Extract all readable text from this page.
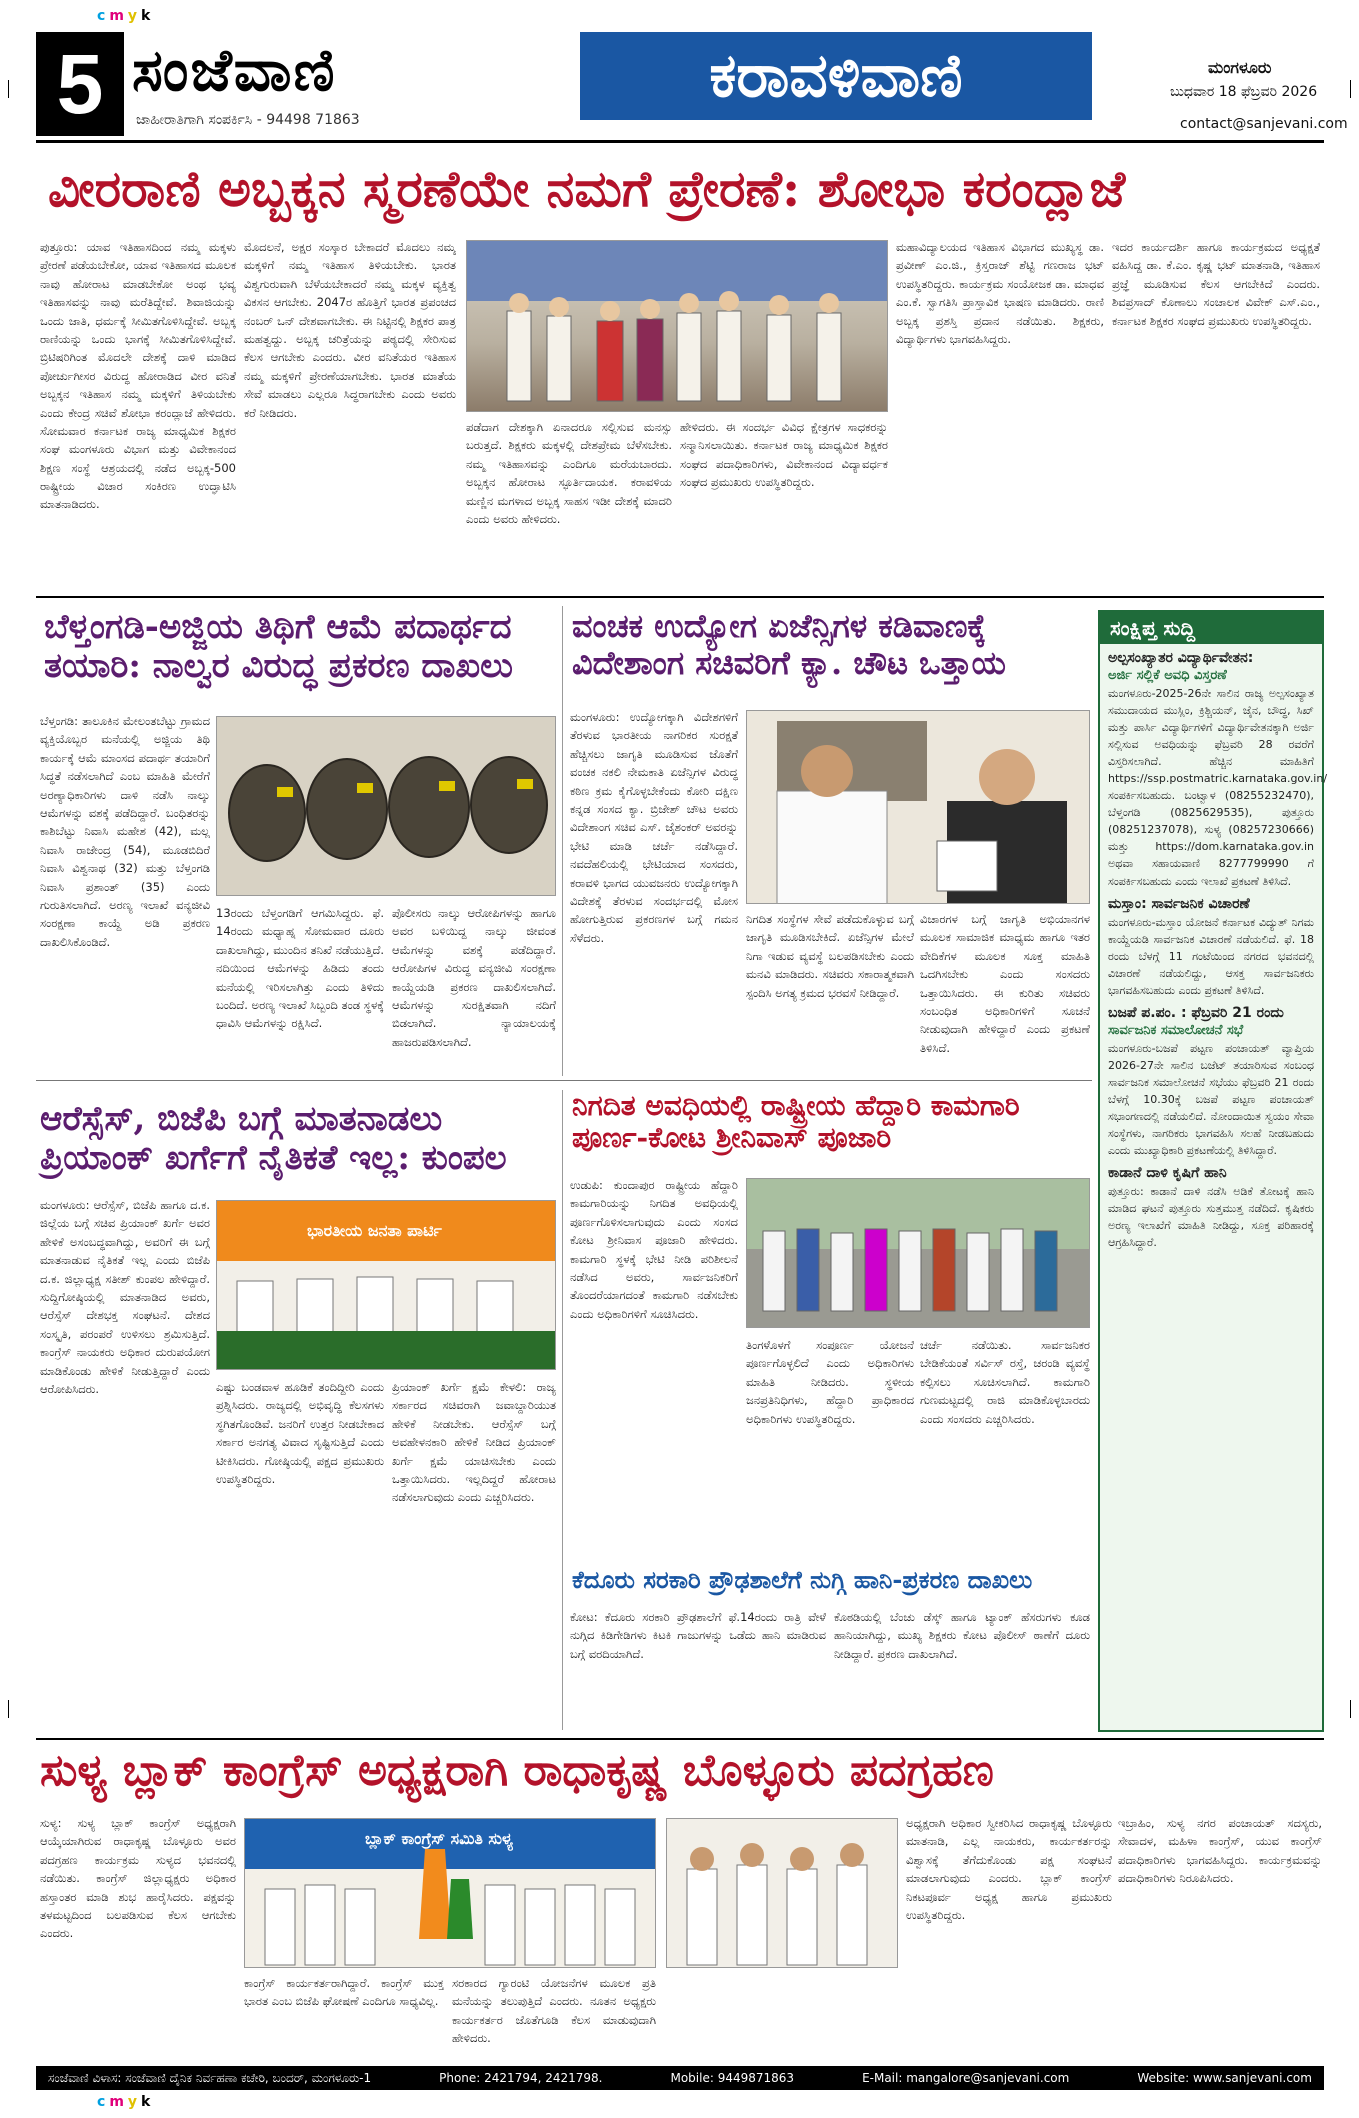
c m y k
c m y k
5 ಸಂಜೆವಾಣಿ
ಜಾಹೀರಾತಿಗಾಗಿ ಸಂಪರ್ಕಿಸಿ - 94498 71863
ಕರಾವಳಿವಾಣಿ	ಮಂಗಳೂರು
ಬುಧವಾರ 18 ಫೆಬ್ರವರಿ 2026
contact@sanjevani.com
ವೀರರಾಣಿ ಅಬ್ಬಕ್ಕನ ಸ್ಮರಣೆಯೇ ನಮಗೆ ಪ್ರೇರಣೆ: ಶೋಭಾ ಕರಂದ್ಲಾಜೆ
ಪುತ್ತೂರು: ಯಾವ ಇತಿಹಾಸದಿಂದ ನಮ್ಮ ಮಕ್ಕಳು ಪ್ರೇರಣೆ ಪಡೆಯಬೇಕೋ, ಯಾವ ಇತಿಹಾಸದ ಮೂಲಕ ನಾವು ಹೋರಾಟ ಮಾಡಬೇಕೋ ಅಂಥ ಭವ್ಯ ಇತಿಹಾಸವನ್ನು ನಾವು ಮರೆತಿದ್ದೇವೆ. ಶಿವಾಜಿಯನ್ನು ಒಂದು ಜಾತಿ, ಧರ್ಮಕ್ಕೆ ಸೀಮಿತಗೊಳಿಸಿದ್ದೇವೆ. ಅಬ್ಬಕ್ಕ ರಾಣಿಯನ್ನು ಒಂದು ಭಾಗಕ್ಕೆ ಸೀಮಿತಗೊಳಿಸಿದ್ದೇವೆ. ಬ್ರಿಟಿಷರಿಗಿಂತ ಮೊದಲೇ ದೇಶಕ್ಕೆ ದಾಳಿ ಮಾಡಿದ ಪೋರ್ಚುಗೀಸರ ವಿರುದ್ಧ ಹೋರಾಡಿದ ವೀರ ವನಿತೆ ಅಬ್ಬಕ್ಕನ ಇತಿಹಾಸ ನಮ್ಮ ಮಕ್ಕಳಿಗೆ ತಿಳಿಯಬೇಕು ಎಂದು ಕೇಂದ್ರ ಸಚಿವೆ ಶೋಭಾ ಕರಂದ್ಲಾಜೆ ಹೇಳಿದರು. ಸೋಮವಾರ ಕರ್ನಾಟಕ ರಾಜ್ಯ ಮಾಧ್ಯಮಿಕ ಶಿಕ್ಷಕರ ಸಂಘ ಮಂಗಳೂರು ವಿಭಾಗ ಮತ್ತು ವಿವೇಕಾನಂದ ಶಿಕ್ಷಣ ಸಂಸ್ಥೆ ಆಶ್ರಯದಲ್ಲಿ ನಡೆದ ಅಬ್ಬಕ್ಕ-500 ರಾಷ್ಟ್ರೀಯ ವಿಚಾರ ಸಂಕಿರಣ ಉದ್ಘಾಟಿಸಿ ಮಾತನಾಡಿದರು.
ಮೊದಲನೆ, ಅಕ್ಷರ ಸಂಸ್ಕಾರ ಬೇಕಾದರೆ ಮೊದಲು ನಮ್ಮ ಮಕ್ಕಳಿಗೆ ನಮ್ಮ ಇತಿಹಾಸ ತಿಳಿಯಬೇಕು. ಭಾರತ ವಿಶ್ವಗುರುವಾಗಿ ಬೆಳೆಯಬೇಕಾದರೆ ನಮ್ಮ ಮಕ್ಕಳ ವ್ಯಕ್ತಿತ್ವ ವಿಕಸನ ಆಗಬೇಕು. 2047ರ ಹೊತ್ತಿಗೆ ಭಾರತ ಪ್ರಪಂಚದ ನಂಬರ್ ಒನ್ ದೇಶವಾಗಬೇಕು. ಈ ನಿಟ್ಟಿನಲ್ಲಿ ಶಿಕ್ಷಕರ ಪಾತ್ರ ಮಹತ್ವದ್ದು. ಅಬ್ಬಕ್ಕ ಚರಿತ್ರೆಯನ್ನು ಪಠ್ಯದಲ್ಲಿ ಸೇರಿಸುವ ಕೆಲಸ ಆಗಬೇಕು ಎಂದರು. ವೀರ ವನಿತೆಯರ ಇತಿಹಾಸ ನಮ್ಮ ಮಕ್ಕಳಿಗೆ ಪ್ರೇರಣೆಯಾಗಬೇಕು. ಭಾರತ ಮಾತೆಯ ಸೇವೆ ಮಾಡಲು ಎಲ್ಲರೂ ಸಿದ್ಧರಾಗಬೇಕು ಎಂದು ಅವರು ಕರೆ ನೀಡಿದರು.
ಪಡೆದಾಗ ದೇಶಕ್ಕಾಗಿ ಏನಾದರೂ ಸಲ್ಲಿಸುವ ಮನಸ್ಸು ಬರುತ್ತದೆ. ಶಿಕ್ಷಕರು ಮಕ್ಕಳಲ್ಲಿ ದೇಶಪ್ರೇಮ ಬೆಳೆಸಬೇಕು. ನಮ್ಮ ಇತಿಹಾಸವನ್ನು ಎಂದಿಗೂ ಮರೆಯಬಾರದು. ಅಬ್ಬಕ್ಕನ ಹೋರಾಟ ಸ್ಫೂರ್ತಿದಾಯಕ. ಕರಾವಳಿಯ ಮಣ್ಣಿನ ಮಗಳಾದ ಅಬ್ಬಕ್ಕ ಸಾಹಸ ಇಡೀ ದೇಶಕ್ಕೆ ಮಾದರಿ ಎಂದು ಅವರು ಹೇಳಿದರು.
ಹೇಳಿದರು. ಈ ಸಂದರ್ಭ ವಿವಿಧ ಕ್ಷೇತ್ರಗಳ ಸಾಧಕರನ್ನು ಸನ್ಮಾನಿಸಲಾಯಿತು. ಕರ್ನಾಟಕ ರಾಜ್ಯ ಮಾಧ್ಯಮಿಕ ಶಿಕ್ಷಕರ ಸಂಘದ ಪದಾಧಿಕಾರಿಗಳು, ವಿವೇಕಾನಂದ ವಿದ್ಯಾವರ್ಧಕ ಸಂಘದ ಪ್ರಮುಖರು ಉಪಸ್ಥಿತರಿದ್ದರು.
ಮಹಾವಿದ್ಯಾಲಯದ ಇತಿಹಾಸ ವಿಭಾಗದ ಮುಖ್ಯಸ್ಥ ಡಾ. ಪ್ರವೀಣ್ ಎಂ.ಜಿ., ಕ್ರಿಸ್ತರಾಜ್ ಶೆಟ್ಟಿ ಗಣರಾಜ ಭಟ್ ಉಪಸ್ಥಿತರಿದ್ದರು. ಕಾರ್ಯಕ್ರಮ ಸಂಯೋಜಕ ಡಾ. ಮಾಧವ ಎಂ.ಕೆ. ಸ್ವಾಗತಿಸಿ ಪ್ರಾಸ್ತಾವಿಕ ಭಾಷಣ ಮಾಡಿದರು. ರಾಣಿ ಅಬ್ಬಕ್ಕ ಪ್ರಶಸ್ತಿ ಪ್ರದಾನ ನಡೆಯಿತು. ಶಿಕ್ಷಕರು, ವಿದ್ಯಾರ್ಥಿಗಳು ಭಾಗವಹಿಸಿದ್ದರು.
ಇದರ ಕಾರ್ಯದರ್ಶಿ ಹಾಗೂ ಕಾರ್ಯಕ್ರಮದ ಅಧ್ಯಕ್ಷತೆ ವಹಿಸಿದ್ದ ಡಾ. ಕೆ.ಎಂ. ಕೃಷ್ಣ ಭಟ್ ಮಾತನಾಡಿ, ಇತಿಹಾಸ ಪ್ರಜ್ಞೆ ಮೂಡಿಸುವ ಕೆಲಸ ಆಗಬೇಕಿದೆ ಎಂದರು. ಶಿವಪ್ರಸಾದ್ ಕೊಣಾಲು ಸಂಚಾಲಕ ವಿವೇಕ್ ಎಸ್.ಎಂ., ಕರ್ನಾಟಕ ಶಿಕ್ಷಕರ ಸಂಘದ ಪ್ರಮುಖರು ಉಪಸ್ಥಿತರಿದ್ದರು.
ಬೆಳ್ತಂಗಡಿ-ಅಜ್ಜಿಯ ತಿಥಿಗೆ ಆಮೆ ಪದಾರ್ಥದ ತಯಾರಿ: ನಾಲ್ವರ ವಿರುದ್ಧ ಪ್ರಕರಣ ದಾಖಲು
ಬೆಳ್ತಂಗಡಿ: ತಾಲೂಕಿನ ಮೇಲಂತಬೆಟ್ಟು ಗ್ರಾಮದ ವ್ಯಕ್ತಿಯೊಬ್ಬರ ಮನೆಯಲ್ಲಿ ಅಜ್ಜಿಯ ತಿಥಿ ಕಾರ್ಯಕ್ಕೆ ಆಮೆ ಮಾಂಸದ ಪದಾರ್ಥ ತಯಾರಿಗೆ ಸಿದ್ಧತೆ ನಡೆಸಲಾಗಿದೆ ಎಂಬ ಮಾಹಿತಿ ಮೇರೆಗೆ ಅರಣ್ಯಾಧಿಕಾರಿಗಳು ದಾಳಿ ನಡೆಸಿ ನಾಲ್ಕು ಆಮೆಗಳನ್ನು ವಶಕ್ಕೆ ಪಡೆದಿದ್ದಾರೆ. ಬಂಧಿತರನ್ನು ಕಾಶಿಬೆಟ್ಟು ನಿವಾಸಿ ಮಹೇಶ (42), ಮಲ್ಲ ನಿವಾಸಿ ರಾಜೇಂದ್ರ (54), ಮೂಡಬಿದಿರೆ ನಿವಾಸಿ ವಿಶ್ವನಾಥ (32) ಮತ್ತು ಬೆಳ್ತಂಗಡಿ ನಿವಾಸಿ ಪ್ರಶಾಂತ್ (35) ಎಂದು ಗುರುತಿಸಲಾಗಿದೆ. ಅರಣ್ಯ ಇಲಾಖೆ ವನ್ಯಜೀವಿ ಸಂರಕ್ಷಣಾ ಕಾಯ್ದೆ ಅಡಿ ಪ್ರಕರಣ ದಾಖಲಿಸಿಕೊಂಡಿದೆ.
13ರಂದು ಬೆಳ್ತಂಗಡಿಗೆ ಆಗಮಿಸಿದ್ದರು. ಫೆ. 14ರಂದು ಮಧ್ಯಾಹ್ನ ಸೋಮವಾರ ದೂರು ದಾಖಲಾಗಿದ್ದು, ಮುಂದಿನ ತನಿಖೆ ನಡೆಯುತ್ತಿದೆ. ನದಿಯಿಂದ ಆಮೆಗಳನ್ನು ಹಿಡಿದು ತಂದು ಮನೆಯಲ್ಲಿ ಇರಿಸಲಾಗಿತ್ತು ಎಂದು ತಿಳಿದು ಬಂದಿದೆ. ಅರಣ್ಯ ಇಲಾಖೆ ಸಿಬ್ಬಂದಿ ತಂಡ ಸ್ಥಳಕ್ಕೆ ಧಾವಿಸಿ ಆಮೆಗಳನ್ನು ರಕ್ಷಿಸಿದೆ.
ಪೊಲೀಸರು ನಾಲ್ಕು ಆರೋಪಿಗಳನ್ನು ಹಾಗೂ ಅವರ ಬಳಿಯಿದ್ದ ನಾಲ್ಕು ಜೀವಂತ ಆಮೆಗಳನ್ನು ವಶಕ್ಕೆ ಪಡೆದಿದ್ದಾರೆ. ಆರೋಪಿಗಳ ವಿರುದ್ಧ ವನ್ಯಜೀವಿ ಸಂರಕ್ಷಣಾ ಕಾಯ್ದೆಯಡಿ ಪ್ರಕರಣ ದಾಖಲಿಸಲಾಗಿದೆ. ಆಮೆಗಳನ್ನು ಸುರಕ್ಷಿತವಾಗಿ ನದಿಗೆ ಬಿಡಲಾಗಿದೆ. ನ್ಯಾಯಾಲಯಕ್ಕೆ ಹಾಜರುಪಡಿಸಲಾಗಿದೆ.
ವಂಚಕ ಉದ್ಯೋಗ ಏಜೆನ್ಸಿಗಳ ಕಡಿವಾಣಕ್ಕೆ ವಿದೇಶಾಂಗ ಸಚಿವರಿಗೆ ಕ್ಯಾ. ಚೌಟ ಒತ್ತಾಯ
ಮಂಗಳೂರು: ಉದ್ಯೋಗಕ್ಕಾಗಿ ವಿದೇಶಗಳಿಗೆ ತೆರಳುವ ಭಾರತೀಯ ನಾಗರಿಕರ ಸುರಕ್ಷತೆ ಹೆಚ್ಚಿಸಲು ಜಾಗೃತಿ ಮೂಡಿಸುವ ಜೊತೆಗೆ ವಂಚಕ ನಕಲಿ ನೇಮಕಾತಿ ಏಜೆನ್ಸಿಗಳ ವಿರುದ್ಧ ಕಠಿಣ ಕ್ರಮ ಕೈಗೊಳ್ಳಬೇಕೆಂದು ಕೋರಿ ದಕ್ಷಿಣ ಕನ್ನಡ ಸಂಸದ ಕ್ಯಾ. ಬ್ರಿಜೇಶ್ ಚೌಟ ಅವರು ವಿದೇಶಾಂಗ ಸಚಿವ ಎಸ್. ಜೈಶಂಕರ್ ಅವರನ್ನು ಭೇಟಿ ಮಾಡಿ ಚರ್ಚೆ ನಡೆಸಿದ್ದಾರೆ. ನವದೆಹಲಿಯಲ್ಲಿ ಭೇಟಿಯಾದ ಸಂಸದರು, ಕರಾವಳಿ ಭಾಗದ ಯುವಜನರು ಉದ್ಯೋಗಕ್ಕಾಗಿ ವಿದೇಶಕ್ಕೆ ತೆರಳುವ ಸಂದರ್ಭದಲ್ಲಿ ಮೋಸ ಹೋಗುತ್ತಿರುವ ಪ್ರಕರಣಗಳ ಬಗ್ಗೆ ಗಮನ ಸೆಳೆದರು.
ನಿಗದಿತ ಸಂಸ್ಥೆಗಳ ಸೇವೆ ಪಡೆದುಕೊಳ್ಳುವ ಬಗ್ಗೆ ಜಾಗೃತಿ ಮೂಡಿಸಬೇಕಿದೆ. ಏಜೆನ್ಸಿಗಳ ಮೇಲೆ ನಿಗಾ ಇಡುವ ವ್ಯವಸ್ಥೆ ಬಲಪಡಿಸಬೇಕು ಎಂದು ಮನವಿ ಮಾಡಿದರು. ಸಚಿವರು ಸಕಾರಾತ್ಮಕವಾಗಿ ಸ್ಪಂದಿಸಿ ಅಗತ್ಯ ಕ್ರಮದ ಭರವಸೆ ನೀಡಿದ್ದಾರೆ.
ವಿಚಾರಗಳ ಬಗ್ಗೆ ಜಾಗೃತಿ ಅಭಿಯಾನಗಳ ಮೂಲಕ ಸಾಮಾಜಿಕ ಮಾಧ್ಯಮ ಹಾಗೂ ಇತರ ವೇದಿಕೆಗಳ ಮೂಲಕ ಸೂಕ್ತ ಮಾಹಿತಿ ಒದಗಿಸಬೇಕು ಎಂದು ಸಂಸದರು ಒತ್ತಾಯಿಸಿದರು. ಈ ಕುರಿತು ಸಚಿವರು ಸಂಬಂಧಿತ ಅಧಿಕಾರಿಗಳಿಗೆ ಸೂಚನೆ ನೀಡುವುದಾಗಿ ಹೇಳಿದ್ದಾರೆ ಎಂದು ಪ್ರಕಟಣೆ ತಿಳಿಸಿದೆ.
ಸಂಕ್ಷಿಪ್ತ ಸುದ್ದಿ
ಅಲ್ಪಸಂಖ್ಯಾತರ ವಿದ್ಯಾರ್ಥಿವೇತನ:
ಅರ್ಜಿ ಸಲ್ಲಿಕೆ ಅವಧಿ ವಿಸ್ತರಣೆ
ಮಂಗಳೂರು-2025-26ನೇ ಸಾಲಿನ ರಾಜ್ಯ ಅಲ್ಪಸಂಖ್ಯಾತ ಸಮುದಾಯದ ಮುಸ್ಲಿಂ, ಕ್ರಿಶ್ಚಿಯನ್, ಜೈನ, ಬೌದ್ಧ, ಸಿಖ್ ಮತ್ತು ಪಾರ್ಸಿ ವಿದ್ಯಾರ್ಥಿಗಳಿಗೆ ವಿದ್ಯಾರ್ಥಿವೇತನಕ್ಕಾಗಿ ಅರ್ಜಿ ಸಲ್ಲಿಸುವ ಅವಧಿಯನ್ನು ಫೆಬ್ರವರಿ 28 ರವರೆಗೆ ವಿಸ್ತರಿಸಲಾಗಿದೆ. ಹೆಚ್ಚಿನ ಮಾಹಿತಿಗೆ https://ssp.postmatric.karnataka.gov.in/ ಸಂಪರ್ಕಿಸಬಹುದು. ಬಂಟ್ವಾಳ (08255232470), ಬೆಳ್ತಂಗಡಿ (0825629535), ಪುತ್ತೂರು (08251237078), ಸುಳ್ಯ (08257230666) ಮತ್ತು https://dom.karnataka.gov.in ಅಥವಾ ಸಹಾಯವಾಣಿ 8277799990 ಗೆ ಸಂಪರ್ಕಿಸಬಹುದು ಎಂದು ಇಲಾಖೆ ಪ್ರಕಟಣೆ ತಿಳಿಸಿದೆ.
ಮಸ್ತಾಂ: ಸಾರ್ವಜನಿಕ ವಿಚಾರಣೆ
ಮಂಗಳೂರು-ಮಸ್ತಾಂ ಯೋಜನೆ ಕರ್ನಾಟಕ ವಿದ್ಯುತ್ ನಿಗಮ ಕಾಯ್ದೆಯಡಿ ಸಾರ್ವಜನಿಕ ವಿಚಾರಣೆ ನಡೆಯಲಿದೆ. ಫೆ. 18 ರಂದು ಬೆಳಗ್ಗೆ 11 ಗಂಟೆಯಿಂದ ನಗರದ ಭವನದಲ್ಲಿ ವಿಚಾರಣೆ ನಡೆಯಲಿದ್ದು, ಆಸಕ್ತ ಸಾರ್ವಜನಿಕರು ಭಾಗವಹಿಸಬಹುದು ಎಂದು ಪ್ರಕಟಣೆ ತಿಳಿಸಿದೆ.
ಬಜಪೆ ಪ.ಪಂ. : ಫೆಬ್ರವರಿ 21 ರಂದು
ಸಾರ್ವಜನಿಕ ಸಮಾಲೋಚನೆ ಸಭೆ
ಮಂಗಳೂರು-ಬಜಪೆ ಪಟ್ಟಣ ಪಂಚಾಯತ್ ವ್ಯಾಪ್ತಿಯ 2026-27ನೇ ಸಾಲಿನ ಬಜೆಟ್ ತಯಾರಿಸುವ ಸಂಬಂಧ ಸಾರ್ವಜನಿಕ ಸಮಾಲೋಚನೆ ಸಭೆಯು ಫೆಬ್ರವರಿ 21 ರಂದು ಬೆಳಗ್ಗೆ 10.30ಕ್ಕೆ ಬಜಪೆ ಪಟ್ಟಣ ಪಂಚಾಯತ್ ಸಭಾಂಗಣದಲ್ಲಿ ನಡೆಯಲಿದೆ. ನೋಂದಾಯಿತ ಸ್ವಯಂ ಸೇವಾ ಸಂಸ್ಥೆಗಳು, ನಾಗರಿಕರು ಭಾಗವಹಿಸಿ ಸಲಹೆ ನೀಡಬಹುದು ಎಂದು ಮುಖ್ಯಾಧಿಕಾರಿ ಪ್ರಕಟಣೆಯಲ್ಲಿ ತಿಳಿಸಿದ್ದಾರೆ.
ಕಾಡಾನೆ ದಾಳಿ ಕೃಷಿಗೆ ಹಾನಿ
ಪುತ್ತೂರು: ಕಾಡಾನೆ ದಾಳಿ ನಡೆಸಿ ಅಡಿಕೆ ತೋಟಕ್ಕೆ ಹಾನಿ ಮಾಡಿದ ಘಟನೆ ಪುತ್ತೂರು ಸುತ್ತಮುತ್ತ ನಡೆದಿದೆ. ಕೃಷಿಕರು ಅರಣ್ಯ ಇಲಾಖೆಗೆ ಮಾಹಿತಿ ನೀಡಿದ್ದು, ಸೂಕ್ತ ಪರಿಹಾರಕ್ಕೆ ಆಗ್ರಹಿಸಿದ್ದಾರೆ.
ಆರೆಸ್ಸೆಸ್, ಬಿಜೆಪಿ ಬಗ್ಗೆ ಮಾತನಾಡಲು ಪ್ರಿಯಾಂಕ್ ಖರ್ಗೆಗೆ ನೈತಿಕತೆ ಇಲ್ಲ: ಕುಂಪಲ
ಮಂಗಳೂರು: ಆರೆಸ್ಸೆಸ್, ಬಿಜೆಪಿ ಹಾಗೂ ದ.ಕ. ಜಿಲ್ಲೆಯ ಬಗ್ಗೆ ಸಚಿವ ಪ್ರಿಯಾಂಕ್ ಖರ್ಗೆ ಅವರ ಹೇಳಿಕೆ ಅಸಂಬದ್ಧವಾಗಿದ್ದು, ಅವರಿಗೆ ಈ ಬಗ್ಗೆ ಮಾತನಾಡುವ ನೈತಿಕತೆ ಇಲ್ಲ ಎಂದು ಬಿಜೆಪಿ ದ.ಕ. ಜಿಲ್ಲಾಧ್ಯಕ್ಷ ಸತೀಶ್ ಕುಂಪಲ ಹೇಳಿದ್ದಾರೆ. ಸುದ್ದಿಗೋಷ್ಠಿಯಲ್ಲಿ ಮಾತನಾಡಿದ ಅವರು, ಆರೆಸ್ಸೆಸ್ ದೇಶಭಕ್ತ ಸಂಘಟನೆ. ದೇಶದ ಸಂಸ್ಕೃತಿ, ಪರಂಪರೆ ಉಳಿಸಲು ಶ್ರಮಿಸುತ್ತಿದೆ. ಕಾಂಗ್ರೆಸ್ ನಾಯಕರು ಅಧಿಕಾರ ದುರುಪಯೋಗ ಮಾಡಿಕೊಂಡು ಹೇಳಿಕೆ ನೀಡುತ್ತಿದ್ದಾರೆ ಎಂದು ಆರೋಪಿಸಿದರು.
ಭಾರತೀಯ ಜನತಾ ಪಾರ್ಟಿ
ಎಷ್ಟು ಬಂಡವಾಳ ಹೂಡಿಕೆ ತಂದಿದ್ದೀರಿ ಎಂದು ಪ್ರಶ್ನಿಸಿದರು. ರಾಜ್ಯದಲ್ಲಿ ಅಭಿವೃದ್ಧಿ ಕೆಲಸಗಳು ಸ್ಥಗಿತಗೊಂಡಿವೆ. ಜನರಿಗೆ ಉತ್ತರ ನೀಡಬೇಕಾದ ಸರ್ಕಾರ ಅನಗತ್ಯ ವಿವಾದ ಸೃಷ್ಟಿಸುತ್ತಿದೆ ಎಂದು ಟೀಕಿಸಿದರು. ಗೋಷ್ಠಿಯಲ್ಲಿ ಪಕ್ಷದ ಪ್ರಮುಖರು ಉಪಸ್ಥಿತರಿದ್ದರು.
ಪ್ರಿಯಾಂಕ್ ಖರ್ಗೆ ಕ್ಷಮೆ ಕೇಳಲಿ: ರಾಜ್ಯ ಸರ್ಕಾರದ ಸಚಿವರಾಗಿ ಜವಾಬ್ದಾರಿಯುತ ಹೇಳಿಕೆ ನೀಡಬೇಕು. ಆರೆಸ್ಸೆಸ್ ಬಗ್ಗೆ ಅವಹೇಳನಕಾರಿ ಹೇಳಿಕೆ ನೀಡಿದ ಪ್ರಿಯಾಂಕ್ ಖರ್ಗೆ ಕ್ಷಮೆ ಯಾಚಿಸಬೇಕು ಎಂದು ಒತ್ತಾಯಿಸಿದರು. ಇಲ್ಲದಿದ್ದರೆ ಹೋರಾಟ ನಡೆಸಲಾಗುವುದು ಎಂದು ಎಚ್ಚರಿಸಿದರು.
ನಿಗದಿತ ಅವಧಿಯಲ್ಲಿ ರಾಷ್ಟ್ರೀಯ ಹೆದ್ದಾರಿ ಕಾಮಗಾರಿ ಪೂರ್ಣ-ಕೋಟ ಶ್ರೀನಿವಾಸ್ ಪೂಜಾರಿ
ಉಡುಪಿ: ಕುಂದಾಪುರ ರಾಷ್ಟ್ರೀಯ ಹೆದ್ದಾರಿ ಕಾಮಗಾರಿಯನ್ನು ನಿಗದಿತ ಅವಧಿಯಲ್ಲಿ ಪೂರ್ಣಗೊಳಿಸಲಾಗುವುದು ಎಂದು ಸಂಸದ ಕೋಟ ಶ್ರೀನಿವಾಸ ಪೂಜಾರಿ ಹೇಳಿದರು. ಕಾಮಗಾರಿ ಸ್ಥಳಕ್ಕೆ ಭೇಟಿ ನೀಡಿ ಪರಿಶೀಲನೆ ನಡೆಸಿದ ಅವರು, ಸಾರ್ವಜನಿಕರಿಗೆ ತೊಂದರೆಯಾಗದಂತೆ ಕಾಮಗಾರಿ ನಡೆಸಬೇಕು ಎಂದು ಅಧಿಕಾರಿಗಳಿಗೆ ಸೂಚಿಸಿದರು.
ತಿಂಗಳೊಳಗೆ ಸಂಪೂರ್ಣ ಯೋಜನೆ ಪೂರ್ಣಗೊಳ್ಳಲಿದೆ ಎಂದು ಅಧಿಕಾರಿಗಳು ಮಾಹಿತಿ ನೀಡಿದರು. ಸ್ಥಳೀಯ ಜನಪ್ರತಿನಿಧಿಗಳು, ಹೆದ್ದಾರಿ ಪ್ರಾಧಿಕಾರದ ಅಧಿಕಾರಿಗಳು ಉಪಸ್ಥಿತರಿದ್ದರು.
ಚರ್ಚೆ ನಡೆಯಿತು. ಸಾರ್ವಜನಿಕರ ಬೇಡಿಕೆಯಂತೆ ಸರ್ವಿಸ್ ರಸ್ತೆ, ಚರಂಡಿ ವ್ಯವಸ್ಥೆ ಕಲ್ಪಿಸಲು ಸೂಚಿಸಲಾಗಿದೆ. ಕಾಮಗಾರಿ ಗುಣಮಟ್ಟದಲ್ಲಿ ರಾಜಿ ಮಾಡಿಕೊಳ್ಳಬಾರದು ಎಂದು ಸಂಸದರು ಎಚ್ಚರಿಸಿದರು.
ಕೆದೂರು ಸರಕಾರಿ ಪ್ರೌಢಶಾಲೆಗೆ ನುಗ್ಗಿ ಹಾನಿ-ಪ್ರಕರಣ ದಾಖಲು
ಕೋಟ: ಕೆದೂರು ಸರಕಾರಿ ಪ್ರೌಢಶಾಲೆಗೆ ಫೆ.14ರಂದು ರಾತ್ರಿ ವೇಳೆ ನುಗ್ಗಿದ ಕಿಡಿಗೇಡಿಗಳು ಕಿಟಕಿ ಗಾಜುಗಳನ್ನು ಒಡೆದು ಹಾನಿ ಮಾಡಿರುವ ಬಗ್ಗೆ ವರದಿಯಾಗಿದೆ.
ಕೊಠಡಿಯಲ್ಲಿ ಬೆಂಚು ಡೆಸ್ಕ್ ಹಾಗೂ ಟ್ಯಾಂಕ್ ಹೆಸರುಗಳು ಕೂಡ ಹಾನಿಯಾಗಿದ್ದು, ಮುಖ್ಯ ಶಿಕ್ಷಕರು ಕೋಟ ಪೊಲೀಸ್ ಠಾಣೆಗೆ ದೂರು ನೀಡಿದ್ದಾರೆ. ಪ್ರಕರಣ ದಾಖಲಾಗಿದೆ.
ಸುಳ್ಯ ಬ್ಲಾಕ್ ಕಾಂಗ್ರೆಸ್ ಅಧ್ಯಕ್ಷರಾಗಿ ರಾಧಾಕೃಷ್ಣ ಬೊಳ್ಳೂರು ಪದಗ್ರಹಣ
ಸುಳ್ಯ: ಸುಳ್ಯ ಬ್ಲಾಕ್ ಕಾಂಗ್ರೆಸ್ ಅಧ್ಯಕ್ಷರಾಗಿ ಆಯ್ಕೆಯಾಗಿರುವ ರಾಧಾಕೃಷ್ಣ ಬೊಳ್ಳೂರು ಅವರ ಪದಗ್ರಹಣ ಕಾರ್ಯಕ್ರಮ ಸುಳ್ಯದ ಭವನದಲ್ಲಿ ನಡೆಯಿತು. ಕಾಂಗ್ರೆಸ್ ಜಿಲ್ಲಾಧ್ಯಕ್ಷರು ಅಧಿಕಾರ ಹಸ್ತಾಂತರ ಮಾಡಿ ಶುಭ ಹಾರೈಸಿದರು. ಪಕ್ಷವನ್ನು ತಳಮಟ್ಟದಿಂದ ಬಲಪಡಿಸುವ ಕೆಲಸ ಆಗಬೇಕು ಎಂದರು.
ಬ್ಲಾಕ್ ಕಾಂಗ್ರೆಸ್ ಸಮಿತಿ ಸುಳ್ಯ
ಕಾಂಗ್ರೆಸ್ ಕಾರ್ಯಕರ್ತರಾಗಿದ್ದಾರೆ. ಕಾಂಗ್ರೆಸ್ ಮುಕ್ತ ಭಾರತ ಎಂಬ ಬಿಜೆಪಿ ಘೋಷಣೆ ಎಂದಿಗೂ ಸಾಧ್ಯವಿಲ್ಲ.
ಸರಕಾರದ ಗ್ಯಾರಂಟಿ ಯೋಜನೆಗಳ ಮೂಲಕ ಪ್ರತಿ ಮನೆಯನ್ನು ತಲುಪುತ್ತಿದೆ ಎಂದರು. ನೂತನ ಅಧ್ಯಕ್ಷರು ಕಾರ್ಯಕರ್ತರ ಜೊತೆಗೂಡಿ ಕೆಲಸ ಮಾಡುವುದಾಗಿ ಹೇಳಿದರು.
ಅಧ್ಯಕ್ಷರಾಗಿ ಅಧಿಕಾರ ಸ್ವೀಕರಿಸಿದ ರಾಧಾಕೃಷ್ಣ ಬೊಳ್ಳೂರು ಮಾತನಾಡಿ, ಎಲ್ಲ ನಾಯಕರು, ಕಾರ್ಯಕರ್ತರನ್ನು ವಿಶ್ವಾಸಕ್ಕೆ ತೆಗೆದುಕೊಂಡು ಪಕ್ಷ ಸಂಘಟನೆ ಮಾಡಲಾಗುವುದು ಎಂದರು. ಬ್ಲಾಕ್ ಕಾಂಗ್ರೆಸ್ ನಿಕಟಪೂರ್ವ ಅಧ್ಯಕ್ಷ ಹಾಗೂ ಪ್ರಮುಖರು ಉಪಸ್ಥಿತರಿದ್ದರು.
ಇಬ್ರಾಹಿಂ, ಸುಳ್ಯ ನಗರ ಪಂಚಾಯತ್ ಸದಸ್ಯರು, ಸೇವಾದಳ, ಮಹಿಳಾ ಕಾಂಗ್ರೆಸ್, ಯುವ ಕಾಂಗ್ರೆಸ್ ಪದಾಧಿಕಾರಿಗಳು ಭಾಗವಹಿಸಿದ್ದರು. ಕಾರ್ಯಕ್ರಮವನ್ನು ಪದಾಧಿಕಾರಿಗಳು ನಿರೂಪಿಸಿದರು.
ಸಂಜೆವಾಣಿ ವಿಳಾಸ: ಸಂಜೆವಾಣಿ ದೈನಿಕ ನಿರ್ವಹಣಾ ಕಚೇರಿ, ಬಂದರ್, ಮಂಗಳೂರು-1	Phone: 2421794, 2421798.	Mobile: 9449871863	E-Mail: mangalore@sanjevani.com	Website: www.sanjevani.com
